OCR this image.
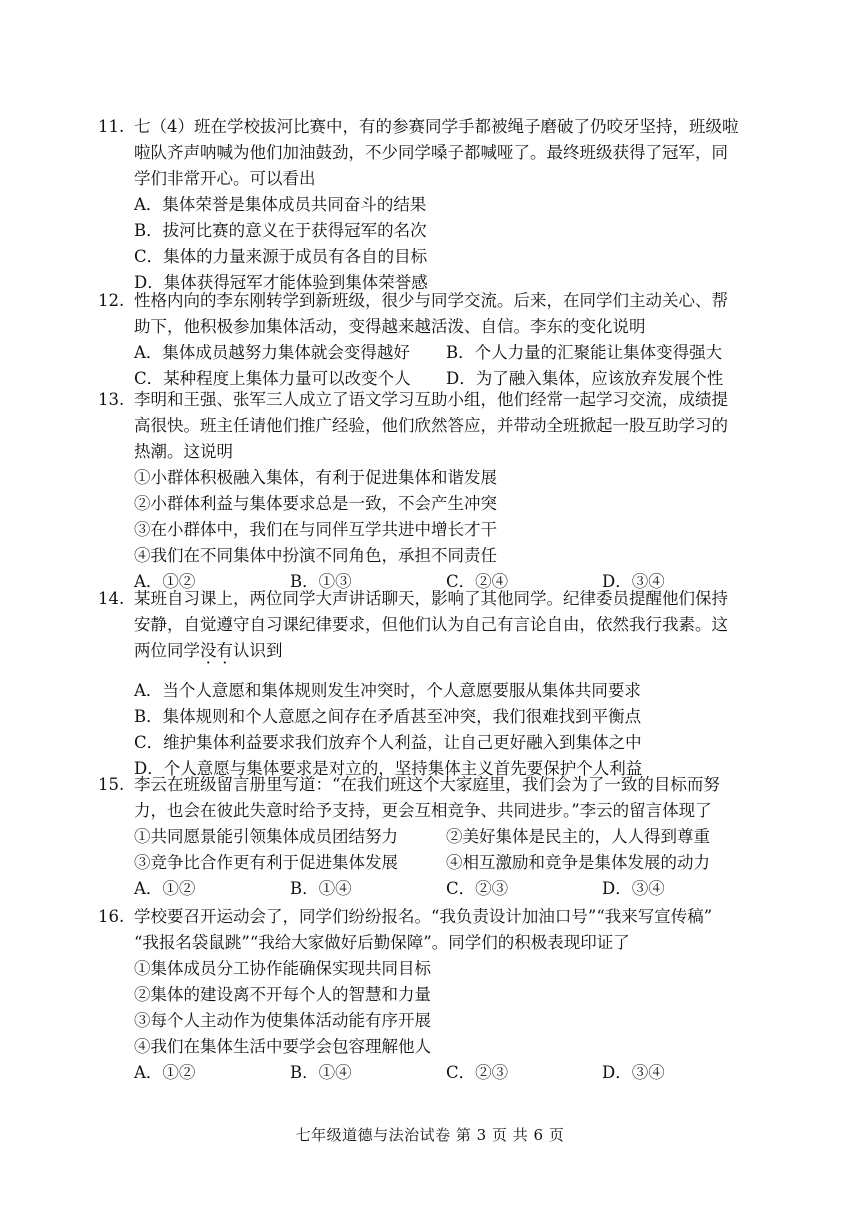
11. 七（4）班在学校拔河比赛中，有的参赛同学手都被绳子磨破了仍咬牙坚持，班级啦
啦队齐声呐喊为他们加油鼓劲，不少同学嗓子都喊哑了。最终班级获得了冠军，同
学们非常开心。可以看出
A．集体荣誉是集体成员共同奋斗的结果
B．拔河比赛的意义在于获得冠军的名次
C．集体的力量来源于成员有各自的目标
D．集体获得冠军才能体验到集体荣誉感
12. 性格内向的李东刚转学到新班级，很少与同学交流。后来，在同学们主动关心、帮
助下，他积极参加集体活动，变得越来越活泼、自信。李东的变化说明
A．集体成员越努力集体就会变得越好	B．个人力量的汇聚能让集体变得强大
C．某种程度上集体力量可以改变个人	D．为了融入集体，应该放弃发展个性
13. 李明和王强、张军三人成立了语文学习互助小组，他们经常一起学习交流，成绩提
高很快。班主任请他们推广经验，他们欣然答应，并带动全班掀起一股互助学习的
热潮。这说明
①小群体积极融入集体，有利于促进集体和谐发展
②小群体利益与集体要求总是一致，不会产生冲突
③在小群体中，我们在与同伴互学共进中增长才干
④我们在不同集体中扮演不同角色，承担不同责任
A．①②	B．①③	C．②④	D．③④
14. 某班自习课上，两位同学大声讲话聊天，影响了其他同学。纪律委员提醒他们保持
安静，自觉遵守自习课纪律要求，但他们认为自己有言论自由，依然我行我素。这
两位同学没有认识到
A．当个人意愿和集体规则发生冲突时，个人意愿要服从集体共同要求
B．集体规则和个人意愿之间存在矛盾甚至冲突，我们很难找到平衡点
C．维护集体利益要求我们放弃个人利益，让自己更好融入到集体之中
D．个人意愿与集体要求是对立的，坚持集体主义首先要保护个人利益
15. 李云在班级留言册里写道：“在我们班这个大家庭里，我们会为了一致的目标而努
力，也会在彼此失意时给予支持，更会互相竞争、共同进步。”李云的留言体现了
①共同愿景能引领集体成员团结努力	②美好集体是民主的，人人得到尊重
③竞争比合作更有利于促进集体发展	④相互激励和竞争是集体发展的动力
A．①②	B．①④	C．②③	D．③④
16. 学校要召开运动会了，同学们纷纷报名。“我负责设计加油口号”“我来写宣传稿”
“我报名袋鼠跳”“我给大家做好后勤保障”。同学们的积极表现印证了
①集体成员分工协作能确保实现共同目标
②集体的建设离不开每个人的智慧和力量
③每个人主动作为使集体活动能有序开展
④我们在集体生活中要学会包容理解他人
A．①②	B．①④	C．②③	D．③④
七年级道德与法治试卷 第 3 页 共 6 页
